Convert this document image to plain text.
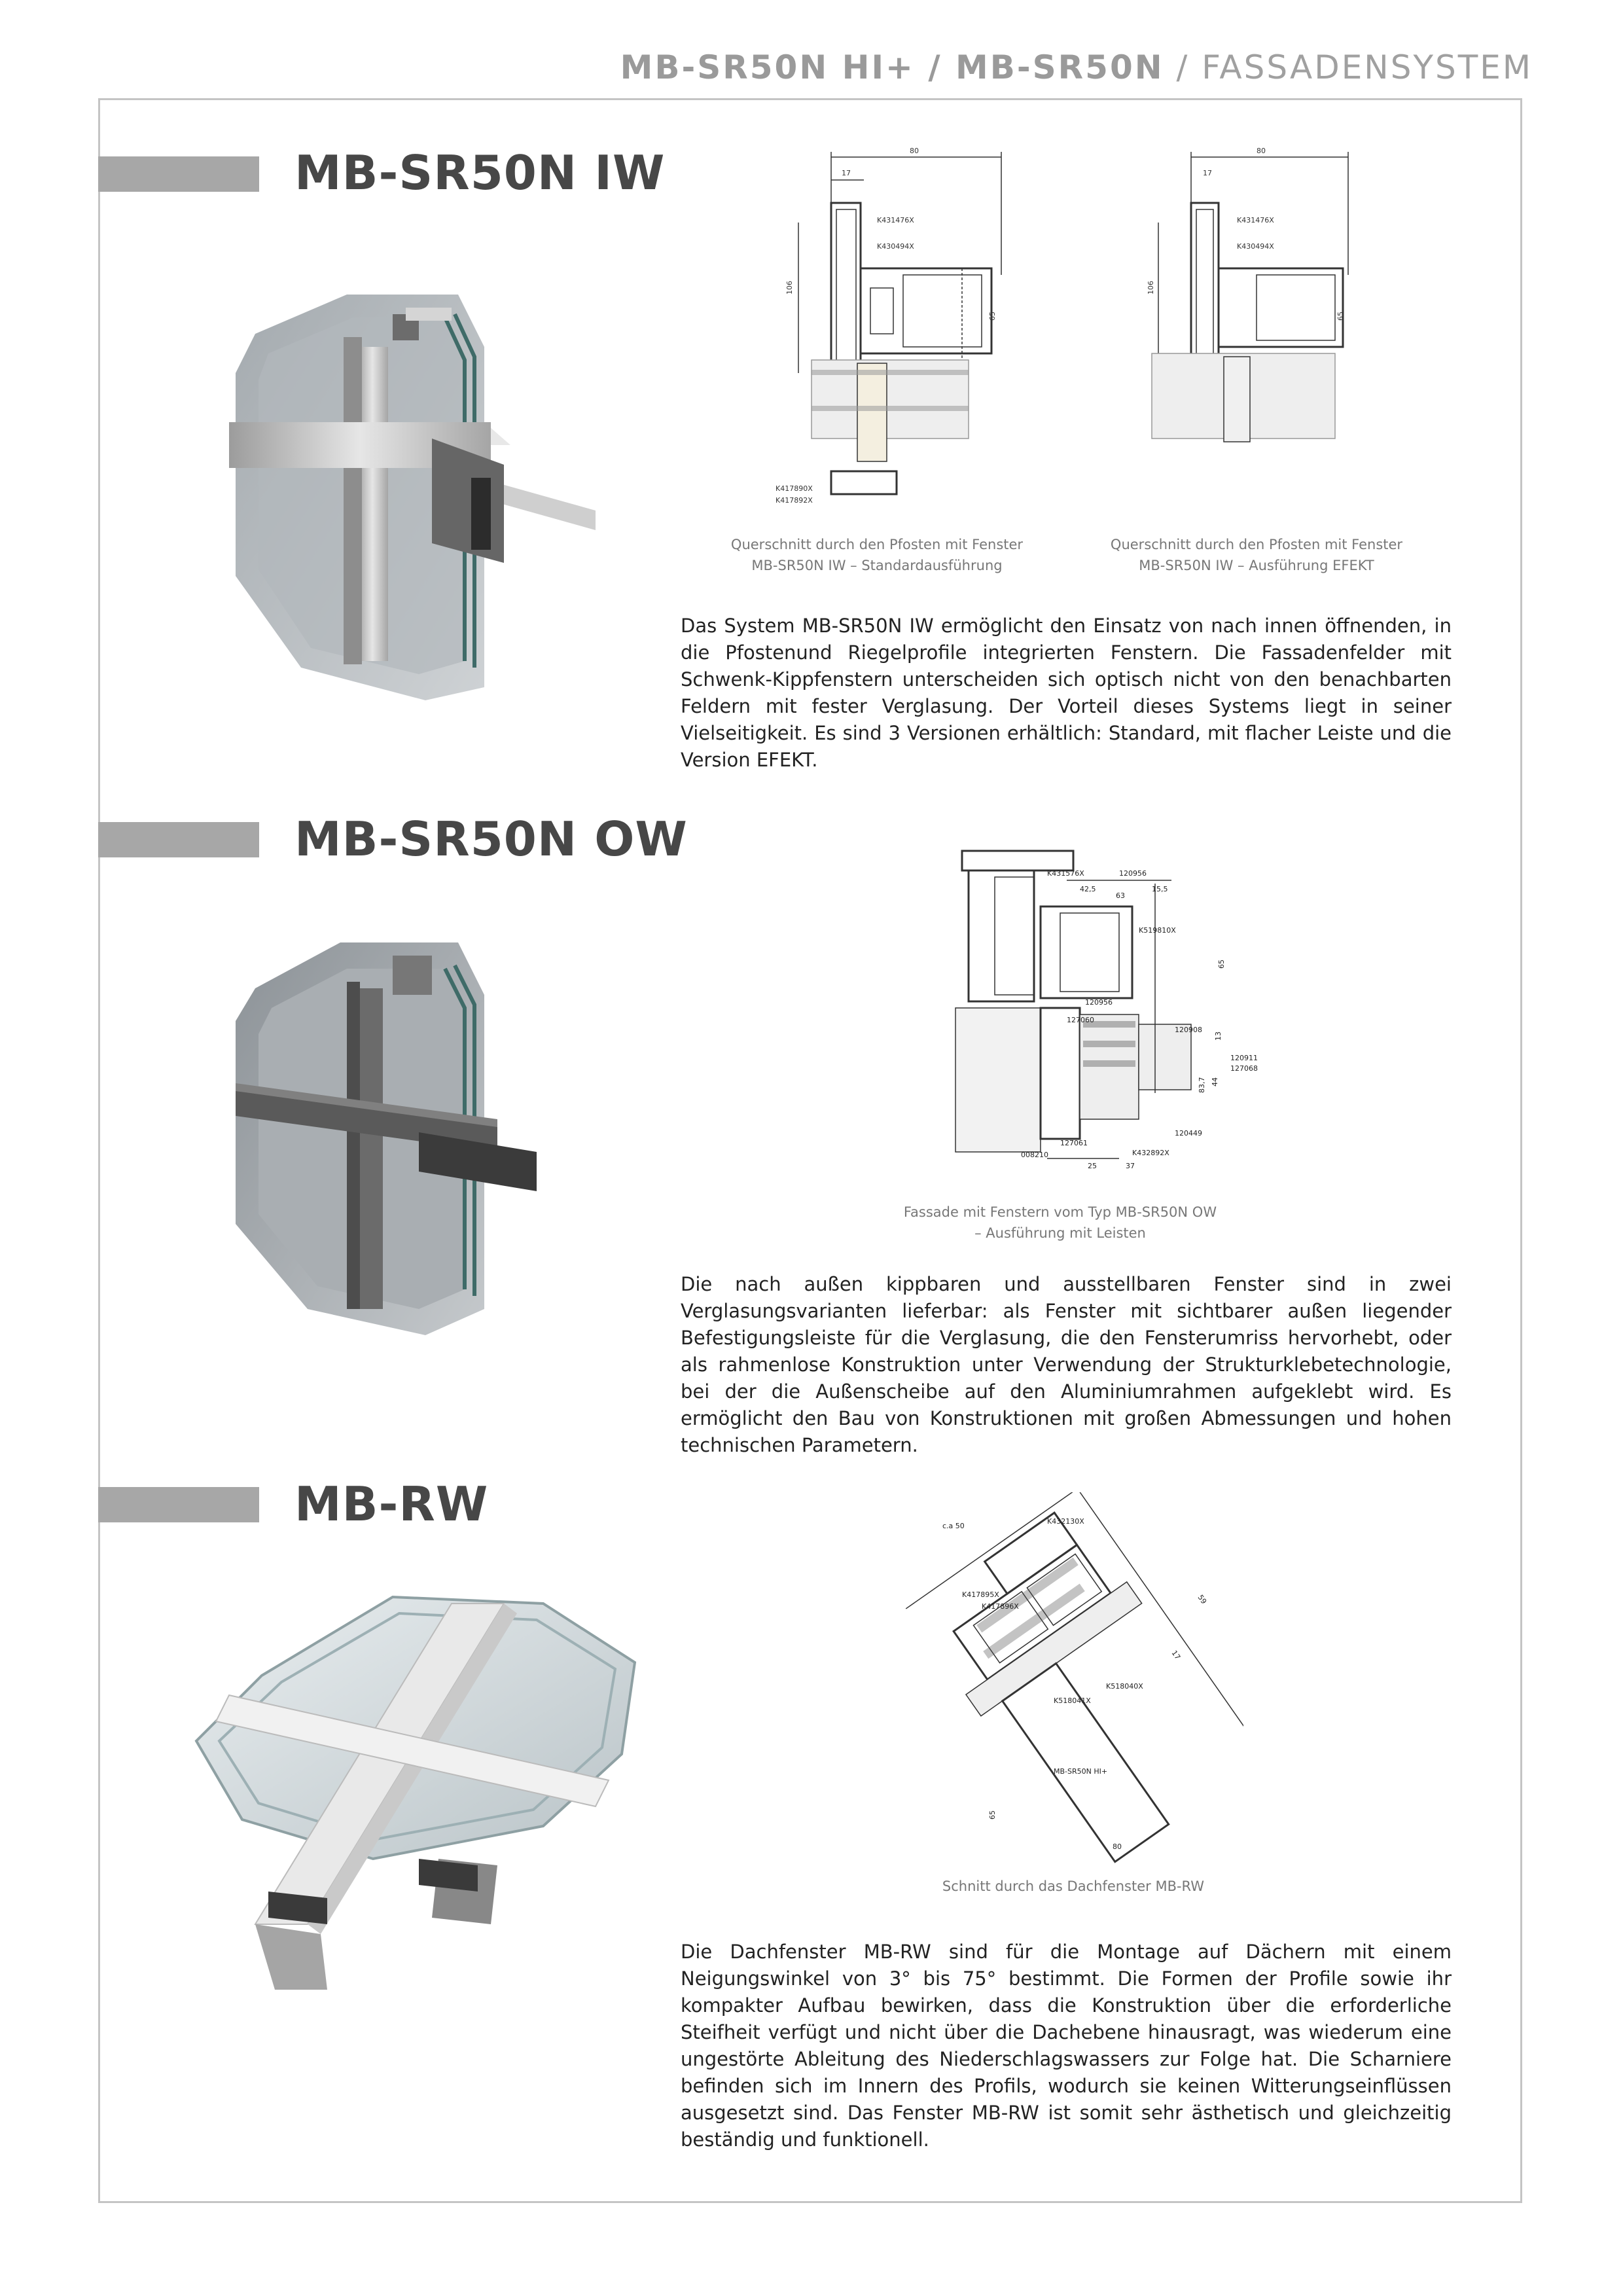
MB-SR50N HI+ / MB-SR50N / FASSADENSYSTEM
MB-SR50N IW	80
17
K431476X
K430494X
106
65
K417890X
K417892X
80
17
K431476X
K430494X
106
65
Querschnitt durch den Pfosten mit Fenster
MB-SR50N IW – Standardausführung
Querschnitt durch den Pfosten mit Fenster
MB-SR50N IW – Ausführung EFEKT
Das System MB-SR50N IW ermöglicht den Einsatz von nach innen öffnenden, in die Pfostenund Riegelprofile integrierten Fenstern. Die Fassadenfelder mit Schwenk-Kippfenstern unterscheiden sich optisch nicht von den benachbarten Feldern mit fester Verglasung. Der Vorteil dieses Systems liegt in seiner Vielseitigkeit. Es sind 3 Versionen erhältlich: Standard, mit flacher Leiste und die Version EFEKT.
MB-SR50N OW
K431576X	120956
42,5
63
15,5
K519810X
65
120956
127060
120908
120911
127068
44
83,7
127061
120449
008210	K432892X
25	37
13
Fassade mit Fenstern vom Typ MB-SR50N OW
– Ausführung mit Leisten
Die nach außen kippbaren und ausstellbaren Fenster sind in zwei Verglasungsvarianten lieferbar: als Fenster mit sichtbarer außen liegender Befestigungsleiste für die Verglasung, die den Fensterumriss hervorhebt, oder als rahmenlose Konstruktion unter Verwendung der Strukturklebetechnologie, bei der die Außenscheibe auf den Aluminiumrahmen aufgeklebt wird. Es ermöglicht den Bau von Konstruktionen mit großen Abmessungen und hohen technischen Parametern.
MB-RW	c.a 50
K432130X
K417895X
K417896X
K518041X
K518040X
MB-SR50N HI+
65
80
59
17
Schnitt durch das Dachfenster MB-RW
Die Dachfenster MB-RW sind für die Montage auf Dächern mit einem Neigungswinkel von 3° bis 75° bestimmt. Die Formen der Profile sowie ihr kompakter Aufbau bewirken, dass die Konstruktion über die erforderliche Steifheit verfügt und nicht über die Dachebene hinausragt, was wiederum eine ungestörte Ableitung des Niederschlagswassers zur Folge hat. Die Scharniere befinden sich im Innern des Profils, wodurch sie keinen Witterungseinflüssen ausgesetzt sind. Das Fenster MB-RW ist somit sehr ästhetisch und gleichzeitig beständig und funktionell.
